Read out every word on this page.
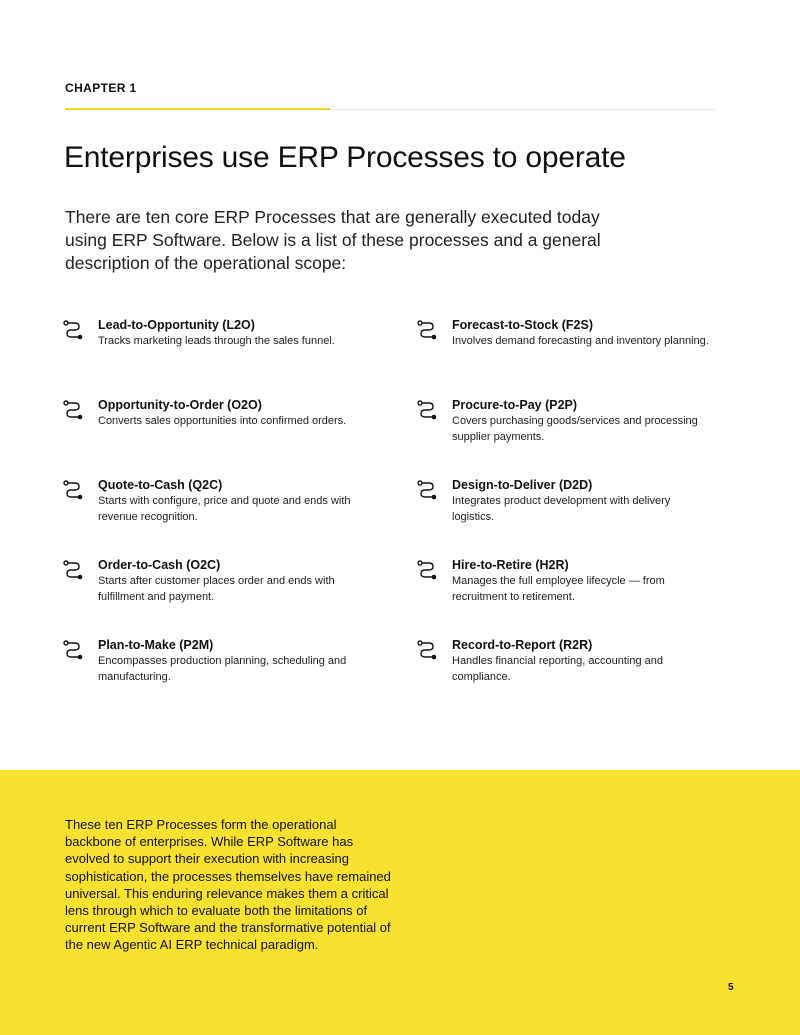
CHAPTER 1
Enterprises use ERP Processes to operate

There are ten core ERP Processes that are generally executed today using ERP Software. Below is a list of these processes and a general description of the operational scope:

Lead-to-Opportunity (L2O)
Tracks marketing leads through the sales funnel.
Forecast-to-Stock (F2S)
Involves demand forecasting and inventory planning.
Opportunity-to-Order (O2O)
Converts sales opportunities into confirmed orders.
Procure-to-Pay (P2P)
Covers purchasing goods/services and processing supplier payments.
Quote-to-Cash (Q2C)
Starts with configure, price and quote and ends with revenue recognition.
Design-to-Deliver (D2D)
Integrates product development with delivery logistics.
Order-to-Cash (O2C)
Starts after customer places order and ends with fulfillment and payment.
Hire-to-Retire (H2R)
Manages the full employee lifecycle — from recruitment to retirement.
Plan-to-Make (P2M)
Encompasses production planning, scheduling and manufacturing.
Record-to-Report (R2R)
Handles financial reporting, accounting and compliance.

These ten ERP Processes form the operational backbone of enterprises. While ERP Software has evolved to support their execution with increasing sophistication, the processes themselves have remained universal. This enduring relevance makes them a critical lens through which to evaluate both the limitations of current ERP Software and the transformative potential of the new Agentic AI ERP technical paradigm.

5
